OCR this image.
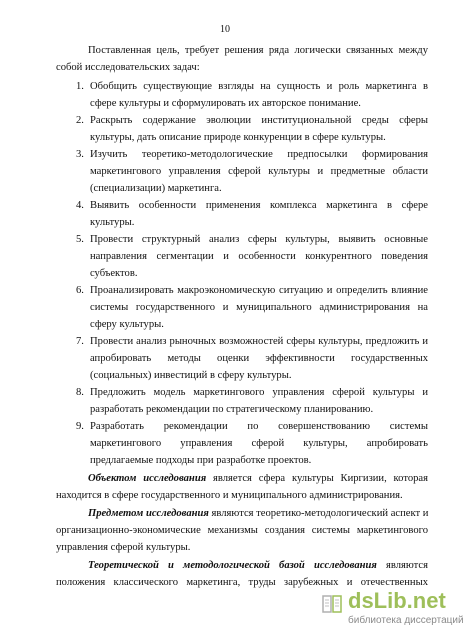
10
Поставленная цель, требует решения ряда логически связанных между
собой исследовательских задач:
1. Обобщить существующие взгляды на сущность и роль маркетинга в
сфере культуры и сформулировать их авторское понимание.
2. Раскрыть содержание эволюции институциональной среды сферы
культуры, дать описание природе конкуренции в сфере культуры.
3. Изучить теоретико-методологические предпосылки формирования
маркетингового управления сферой культуры и предметные области
(специализации) маркетинга.
4. Выявить особенности применения комплекса маркетинга в сфере
культуры.
5. Провести структурный анализ сферы культуры, выявить основные
направления сегментации и особенности конкурентного поведения
субъектов.
6. Проанализировать макроэкономическую ситуацию и определить влияние
системы государственного и муниципального администрирования на
сферу культуры.
7. Провести анализ рыночных возможностей сферы культуры, предложить и
апробировать методы оценки эффективности государственных
(социальных) инвестиций в сферу культуры.
8. Предложить модель маркетингового управления сферой культуры и
разработать рекомендации по стратегическому планированию.
9. Разработать рекомендации по совершенствованию системы
маркетингового управления сферой культуры, апробировать
предлагаемые подходы при разработке проектов.
Объектом исследования является сфера культуры Киргизии, которая
находится в сфере государственного и муниципального администрирования.
Предметом исследования являются теоретико-методологический аспект и
организационно-экономические механизмы создания системы маркетингового
управления сферой культуры.
Теоретической и методологической базой исследования являются
положения классического маркетинга, труды зарубежных и отечественных
dsLib.net
библиотека диссертаций
